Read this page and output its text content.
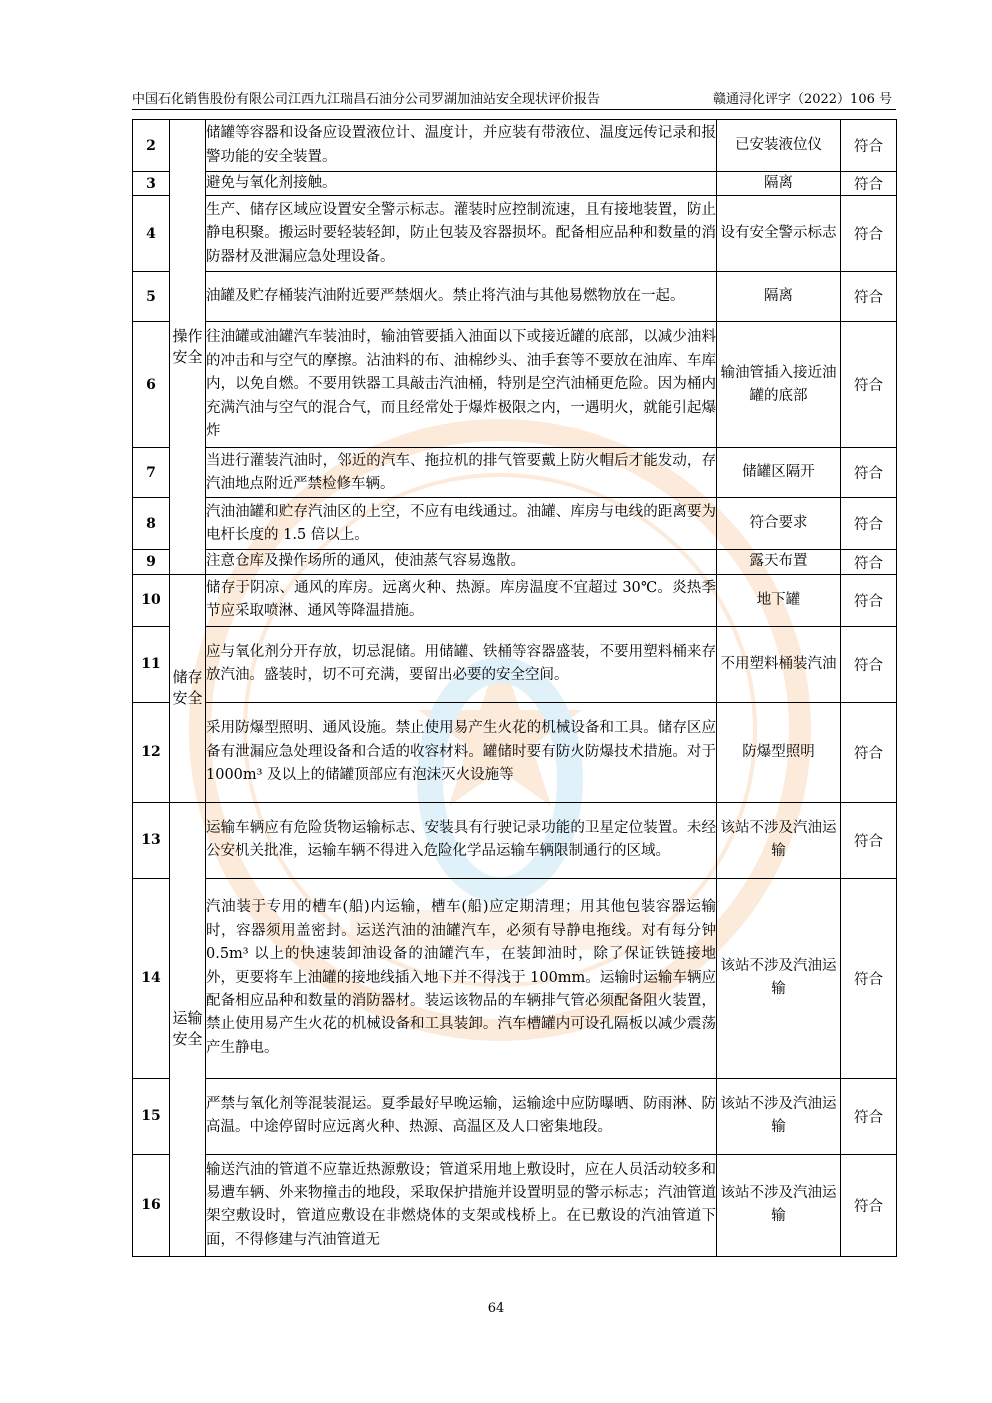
中国石化销售股份有限公司江西九江瑞昌石油分公司罗湖加油站安全现状评价报告	赣通浔化评字（2022）106 号
2	操作安全	储罐等容器和设备应设置液位计、温度计，并应装有带液位、温度远传记录和报警功能的安全装置。	已安装液位仪	符合
3		避免与氧化剂接触。	隔离	符合
4		生产、储存区域应设置安全警示标志。灌装时应控制流速，且有接地装置，防止静电积聚。搬运时要轻装轻卸，防止包装及容器损坏。配备相应品种和数量的消防器材及泄漏应急处理设备。	设有安全警示标志	符合
5		油罐及贮存桶装汽油附近要严禁烟火。禁止将汽油与其他易燃物放在一起。	隔离	符合
6		往油罐或油罐汽车装油时，输油管要插入油面以下或接近罐的底部，以减少油料的冲击和与空气的摩擦。沾油料的布、油棉纱头、油手套等不要放在油库、车库内，以免自燃。不要用铁器工具敲击汽油桶，特别是空汽油桶更危险。因为桶内充满汽油与空气的混合气，而且经常处于爆炸极限之内，一遇明火，就能引起爆炸	输油管插入接近油罐的底部	符合
7		当进行灌装汽油时，邻近的汽车、拖拉机的排气管要戴上防火帽后才能发动，存汽油地点附近严禁检修车辆。	储罐区隔开	符合
8		汽油油罐和贮存汽油区的上空，不应有电线通过。油罐、库房与电线的距离要为电杆长度的 1.5 倍以上。	符合要求	符合
9		注意仓库及操作场所的通风，使油蒸气容易逸散。	露天布置	符合
10	储存安全	储存于阴凉、通风的库房。远离火种、热源。库房温度不宜超过 30℃。炎热季节应采取喷淋、通风等降温措施。	地下罐	符合
11		应与氧化剂分开存放，切忌混储。用储罐、铁桶等容器盛装，不要用塑料桶来存放汽油。盛装时，切不可充满，要留出必要的安全空间。	不用塑料桶装汽油	符合
12		采用防爆型照明、通风设施。禁止使用易产生火花的机械设备和工具。储存区应备有泄漏应急处理设备和合适的收容材料。罐储时要有防火防爆技术措施。对于 1000m³ 及以上的储罐顶部应有泡沫灭火设施等	防爆型照明	符合
13	运输安全	运输车辆应有危险货物运输标志、安装具有行驶记录功能的卫星定位装置。未经公安机关批准，运输车辆不得进入危险化学品运输车辆限制通行的区域。	该站不涉及汽油运输	符合
14		汽油装于专用的槽车(船)内运输，槽车(船)应定期清理；用其他包装容器运输时，容器须用盖密封。运送汽油的油罐汽车，必须有导静电拖线。对有每分钟 0.5m³ 以上的快速装卸油设备的油罐汽车，在装卸油时，除了保证铁链接地外，更要将车上油罐的接地线插入地下并不得浅于 100mm。运输时运输车辆应配备相应品种和数量的消防器材。装运该物品的车辆排气管必须配备阻火装置，禁止使用易产生火花的机械设备和工具装卸。汽车槽罐内可设孔隔板以减少震荡产生静电。	该站不涉及汽油运输	符合
15		严禁与氧化剂等混装混运。夏季最好早晚运输，运输途中应防曝晒、防雨淋、防高温。中途停留时应远离火种、热源、高温区及人口密集地段。	该站不涉及汽油运输	符合
16		输送汽油的管道不应靠近热源敷设；管道采用地上敷设时，应在人员活动较多和易遭车辆、外来物撞击的地段，采取保护措施并设置明显的警示标志；汽油管道架空敷设时，管道应敷设在非燃烧体的支架或栈桥上。在已敷设的汽油管道下面，不得修建与汽油管道无	该站不涉及汽油运输	符合
64
